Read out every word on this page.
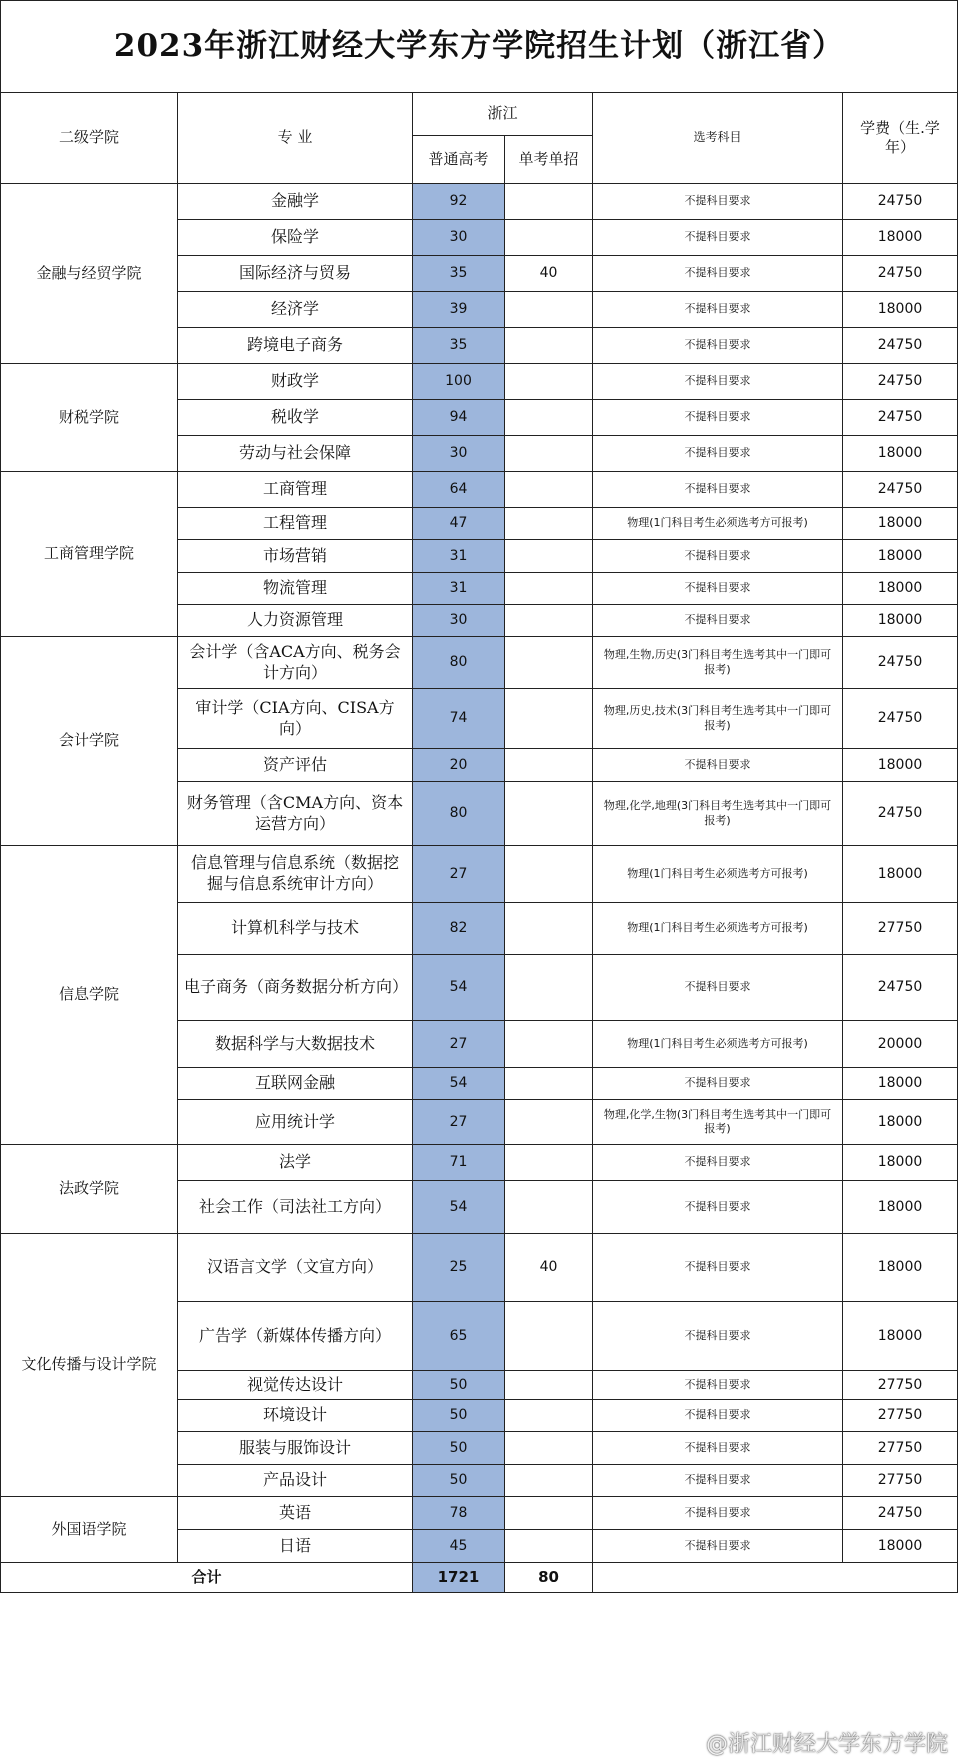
2023年浙江财经大学东方学院招生计划（浙江省）					
二级学院	专 业	浙江		选考科目	学费（生.学年）
		普通高考	单考单招		
金融与经贸学院	金融学	92		不提科目要求	24750
	保险学	30		不提科目要求	18000
	国际经济与贸易	35	40	不提科目要求	24750
	经济学	39		不提科目要求	18000
	跨境电子商务	35		不提科目要求	24750
财税学院	财政学	100		不提科目要求	24750
	税收学	94		不提科目要求	24750
	劳动与社会保障	30		不提科目要求	18000
工商管理学院	工商管理	64		不提科目要求	24750
	工程管理	47		物理(1门科目考生必须选考方可报考)	18000
	市场营销	31		不提科目要求	18000
	物流管理	31		不提科目要求	18000
	人力资源管理	30		不提科目要求	18000
会计学院	会计学（含ACA方向、税务会计方向）	80		物理,生物,历史(3门科目考生选考其中一门即可报考)	24750
	审计学（CIA方向、CISA方向）	74		物理,历史,技术(3门科目考生选考其中一门即可报考)	24750
	资产评估	20		不提科目要求	18000
	财务管理（含CMA方向、资本运营方向）	80		物理,化学,地理(3门科目考生选考其中一门即可报考)	24750
信息学院	信息管理与信息系统（数据挖掘与信息系统审计方向）	27		物理(1门科目考生必须选考方可报考)	18000
	计算机科学与技术	82		物理(1门科目考生必须选考方可报考)	27750
	电子商务（商务数据分析方向）	54		不提科目要求	24750
	数据科学与大数据技术	27		物理(1门科目考生必须选考方可报考)	20000
	互联网金融	54		不提科目要求	18000
	应用统计学	27		物理,化学,生物(3门科目考生选考其中一门即可报考)	18000
法政学院	法学	71		不提科目要求	18000
	社会工作（司法社工方向）	54		不提科目要求	18000
文化传播与设计学院	汉语言文学（文宣方向）	25	40	不提科目要求	18000
	广告学（新媒体传播方向）	65		不提科目要求	18000
	视觉传达设计	50		不提科目要求	27750
	环境设计	50		不提科目要求	27750
	服装与服饰设计	50		不提科目要求	27750
	产品设计	50		不提科目要求	27750
外国语学院	英语	78		不提科目要求	24750
	日语	45		不提科目要求	18000
合计		1721	80		
@浙江财经大学东方学院
